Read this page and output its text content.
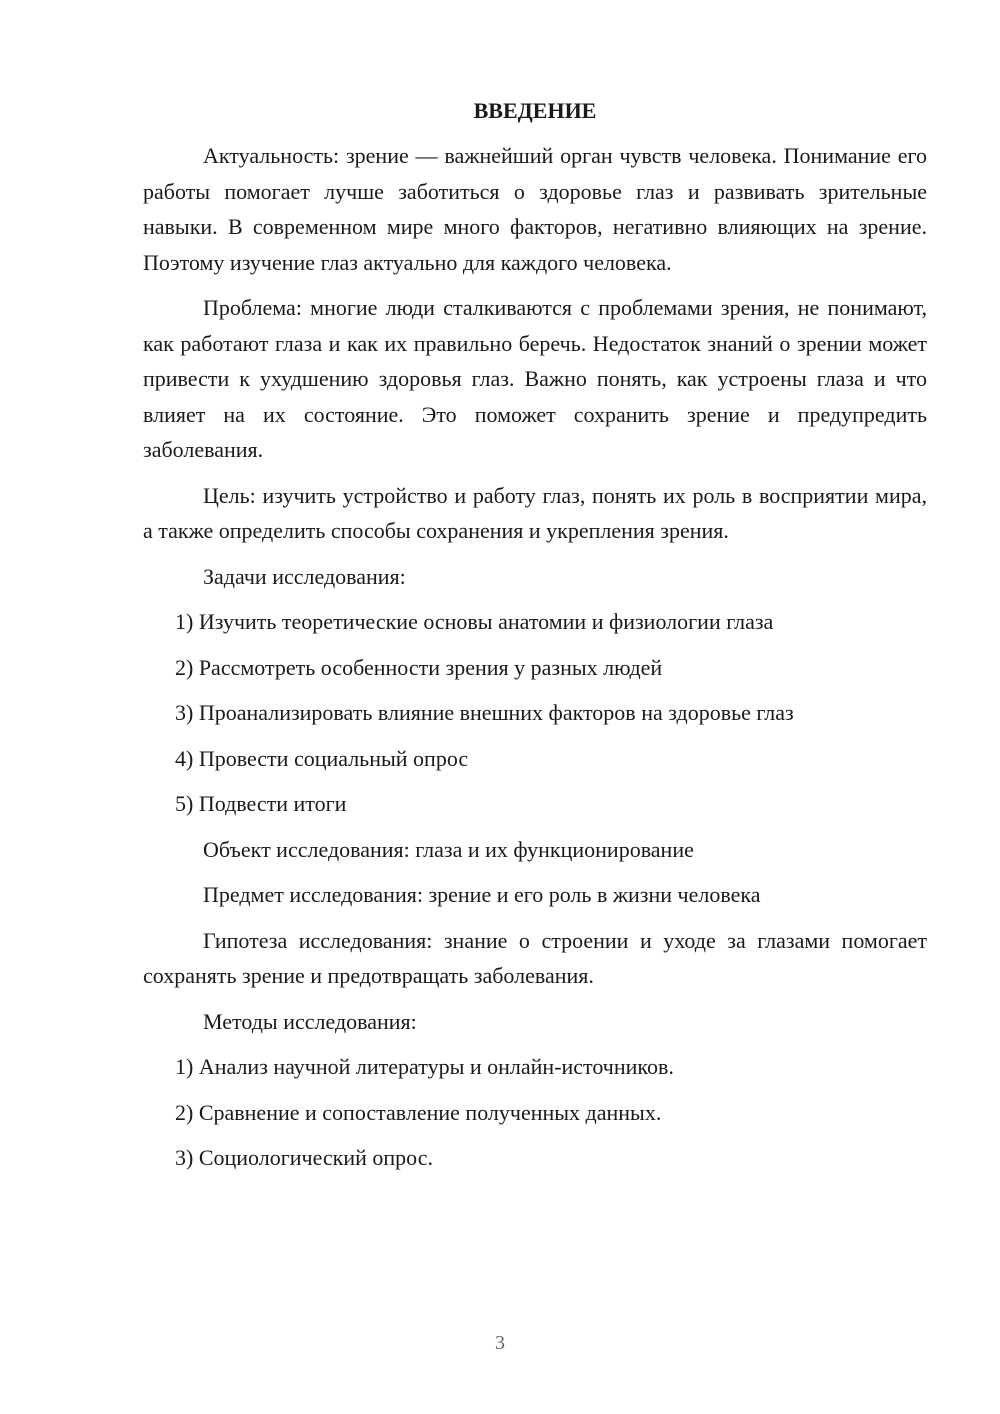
ВВЕДЕНИЕ

Актуальность: зрение — важнейший орган чувств человека. Понимание его работы помогает лучше заботиться о здоровье глаз и развивать зрительные навыки. В современном мире много факторов, негативно влияющих на зрение. Поэтому изучение глаз актуально для каждого человека.

Проблема: многие люди сталкиваются с проблемами зрения, не понимают, как работают глаза и как их правильно беречь. Недостаток знаний о зрении может привести к ухудшению здоровья глаз. Важно понять, как устроены глаза и что влияет на их состояние. Это поможет сохранить зрение и предупредить заболевания.

Цель: изучить устройство и работу глаз, понять их роль в восприятии мира, а также определить способы сохранения и укрепления зрения.

Задачи исследования:
1) Изучить теоретические основы анатомии и физиологии глаза
2) Рассмотреть особенности зрения у разных людей
3) Проанализировать влияние внешних факторов на здоровье глаз
4) Провести социальный опрос
5) Подвести итоги
Объект исследования: глаза и их функционирование
Предмет исследования: зрение и его роль в жизни человека

Гипотеза исследования: знание о строении и уходе за глазами помогает сохранять зрение и предотвращать заболевания.

Методы исследования:
1) Анализ научной литературы и онлайн-источников.
2) Сравнение и сопоставление полученных данных.
3) Социологический опрос.
3
